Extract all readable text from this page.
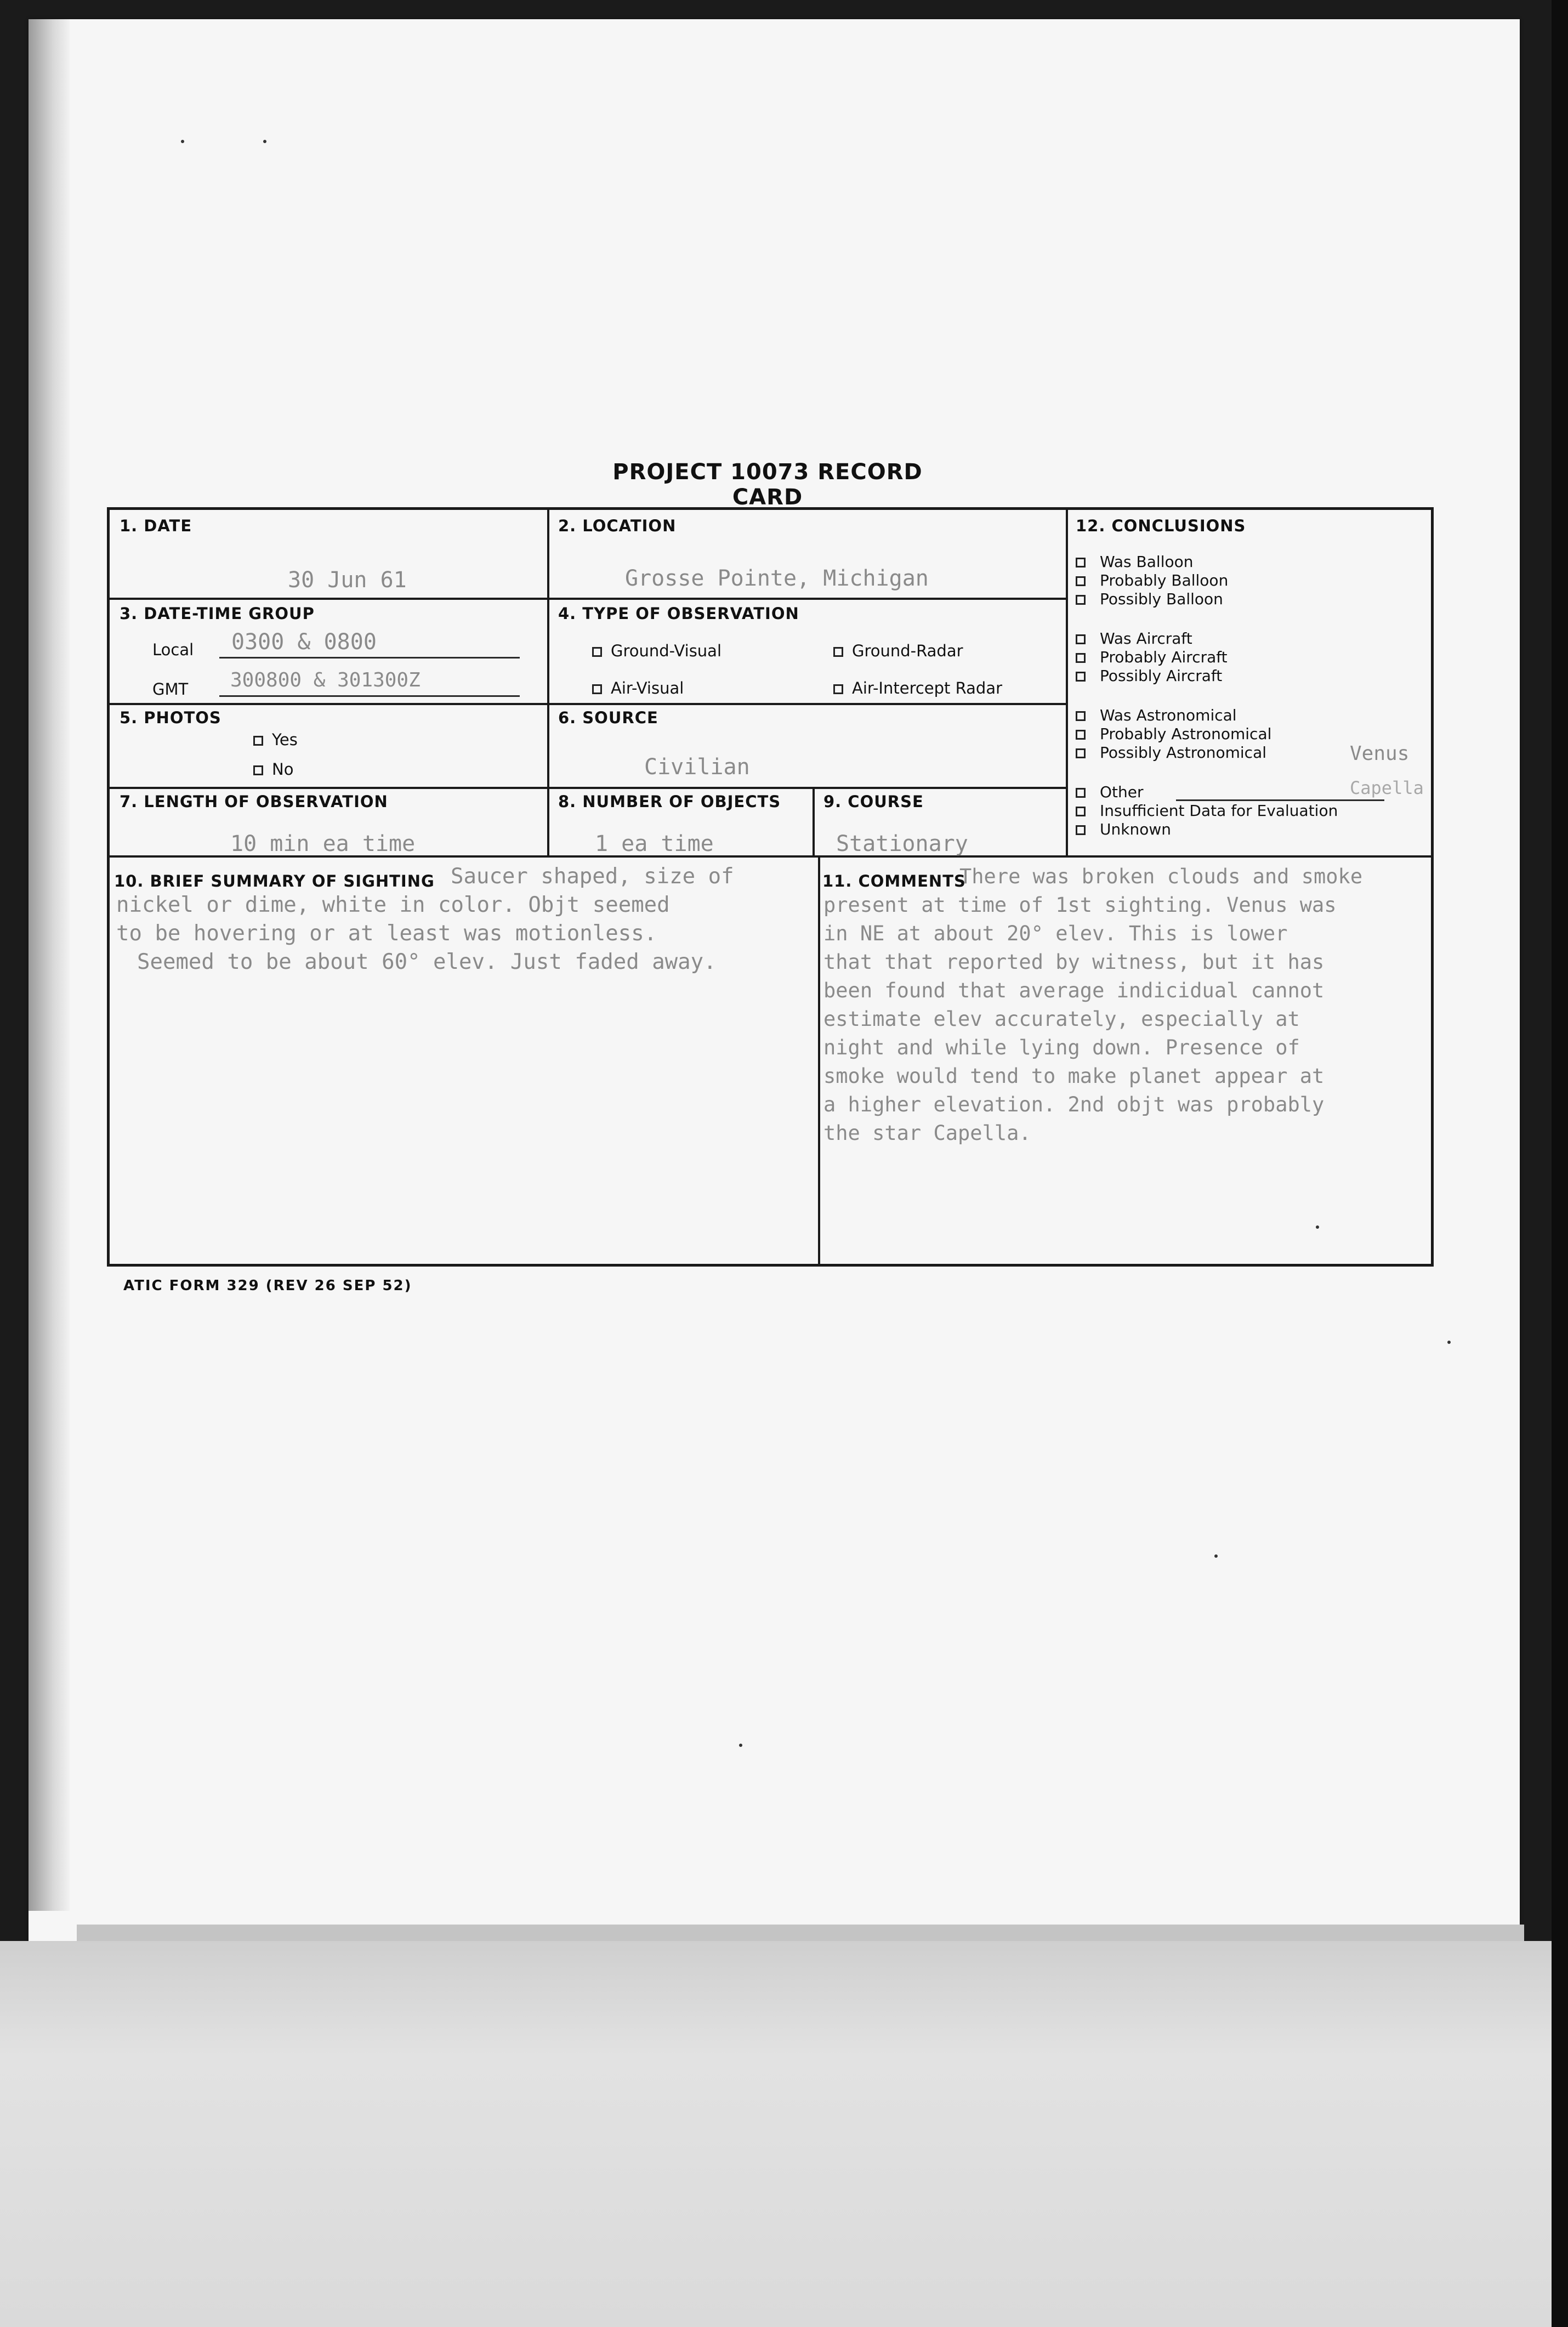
PROJECT 10073 RECORD CARD
1. DATE
30 Jun 61
2. LOCATION
Grosse Pointe, Michigan
3. DATE-TIME GROUP
Local 0300 & 0800
GMT 300800 & 301300Z
4. TYPE OF OBSERVATION
Ground-Visual	Ground-Radar
Air-Visual	Air-Intercept Radar
5. PHOTOS
Yes
No
6. SOURCE
Civilian
7. LENGTH OF OBSERVATION
10 min ea time
8. NUMBER OF OBJECTS
1 ea time
9. COURSE
Stationary
12. CONCLUSIONS
Was Balloon
Probably Balloon
Possibly Balloon
Was Aircraft
Probably Aircraft
Possibly Aircraft
Was Astronomical
Probably Astronomical
Possibly Astronomical
Other
Insufficient Data for Evaluation
Unknown
Venus
Capella
10. BRIEF SUMMARY OF SIGHTING Saucer shaped, size of
nickel or dime, white in color. Objt seemed
to be hovering or at least was motionless.
Seemed to be about 60° elev. Just faded away.
11. COMMENTS
There was broken clouds and smoke
present at time of 1st sighting. Venus was
in NE at about 20° elev. This is lower
that that reported by witness, but it has
been found that average indicidual cannot
estimate elev accurately, especially at
night and while lying down. Presence of
smoke would tend to make planet appear at
a higher elevation. 2nd objt was probably
the star Capella.
ATIC FORM 329 (REV 26 SEP 52)
